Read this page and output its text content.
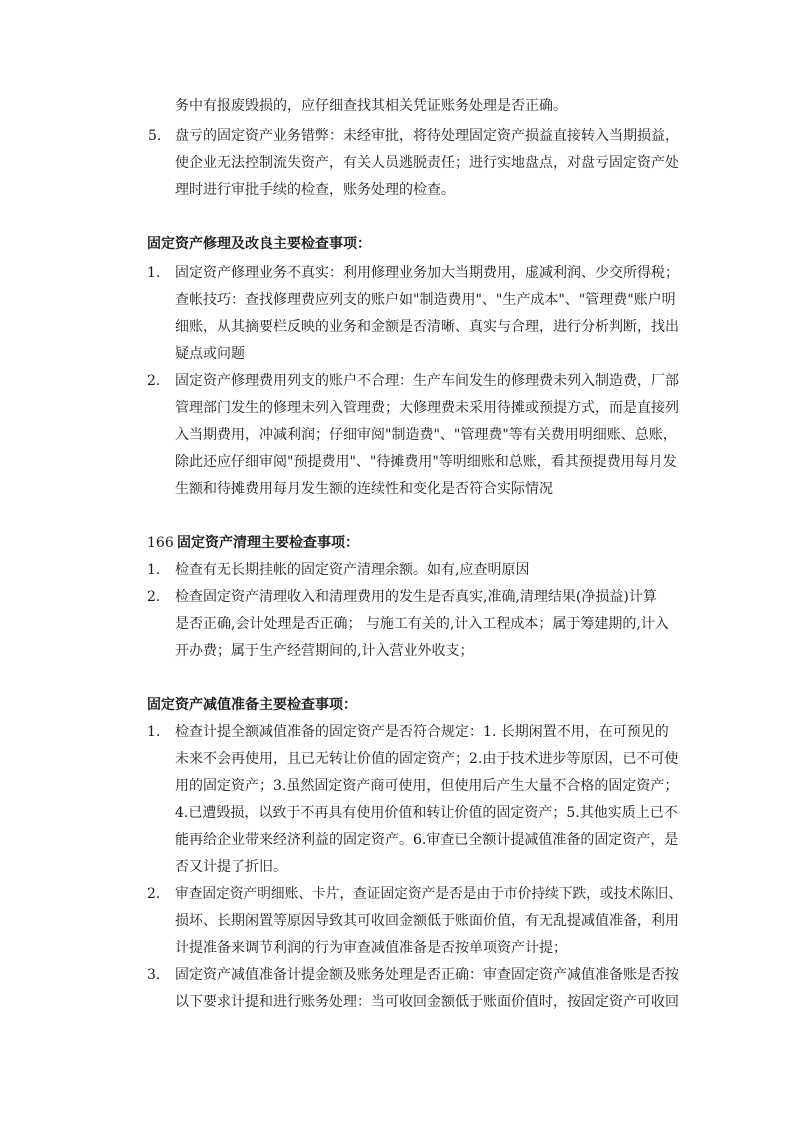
务中有报废毁损的，应仔细查找其相关凭证账务处理是否正确。
5. 盘亏的固定资产业务错弊：未经审批，将待处理固定资产损益直接转入当期损益，
使企业无法控制流失资产，有关人员逃脱责任；进行实地盘点，对盘亏固定资产处
理时进行审批手续的检查，账务处理的检查。
固定资产修理及改良主要检查事项：
1. 固定资产修理业务不真实：利用修理业务加大当期费用，虚减利润、少交所得税；
查帐技巧：查找修理费应列支的账户如"制造费用"、"生产成本"、"管理费"账户明
细账，从其摘要栏反映的业务和金额是否清晰、真实与合理，进行分析判断，找出
疑点或问题
2. 固定资产修理费用列支的账户不合理：生产车间发生的修理费未列入制造费，厂部
管理部门发生的修理未列入管理费；大修理费未采用待摊或预提方式，而是直接列
入当期费用，冲减利润；仔细审阅"制造费"、"管理费"等有关费用明细账、总账，
除此还应仔细审阅"预提费用"、"待摊费用"等明细账和总账，看其预提费用每月发
生额和待摊费用每月发生额的连续性和变化是否符合实际情况
166 固定资产清理主要检查事项：
1. 检查有无长期挂帐的固定资产清理余额。如有,应查明原因
2. 检查固定资产清理收入和清理费用的发生是否真实,准确,清理结果(净损益)计算
是否正确,会计处理是否正确； 与施工有关的,计入工程成本；属于筹建期的,计入
开办费；属于生产经营期间的,计入营业外收支；
固定资产减值准备主要检查事项：
1. 检查计提全额减值准备的固定资产是否符合规定：1. 长期闲置不用，在可预见的
未来不会再使用，且已无转让价值的固定资产；2.由于技术进步等原因，已不可使
用的固定资产；3.虽然固定资产商可使用，但使用后产生大量不合格的固定资产；
4.已遭毁损，以致于不再具有使用价值和转让价值的固定资产；5.其他实质上已不
能再给企业带来经济利益的固定资产。6.审查已全额计提减值准备的固定资产，是
否又计提了折旧。
2. 审查固定资产明细账、卡片，查证固定资产是否是由于市价持续下跌，或技术陈旧、
损坏、长期闲置等原因导致其可收回金额低于账面价值，有无乱提减值准备，利用
计提准备来调节利润的行为审查减值准备是否按单项资产计提；
3. 固定资产减值准备计提金额及账务处理是否正确：审查固定资产减值准备账是否按
以下要求计提和进行账务处理：当可收回金额低于账面价值时，按固定资产可收回
